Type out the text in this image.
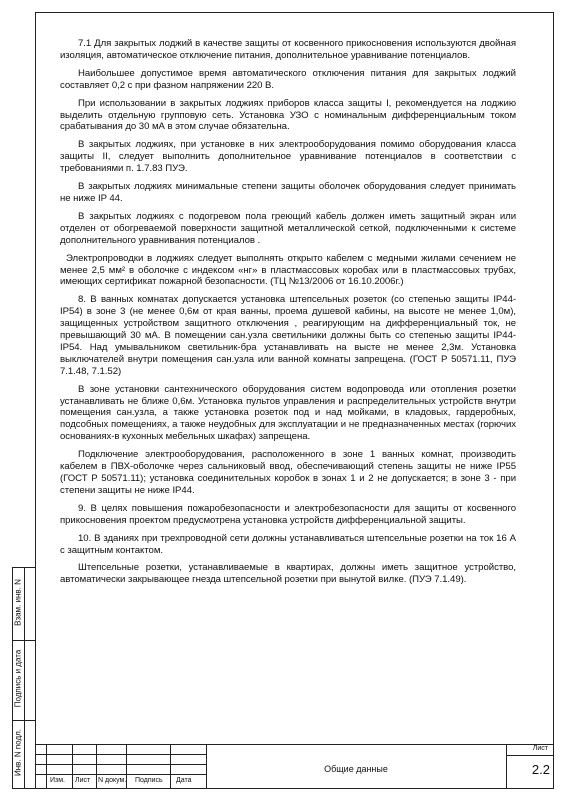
7.1 Для закрытых лоджий в качестве защиты от косвенного прикосновения используются двойная изоляция, автоматическое отключение питания, дополнительное уравнивание потенциалов.

Наибольшее допустимое время автоматического отключения питания для закрытых лоджий составляет 0,2 с при фазном напряжении 220 В.

При использовании в закрытых лоджиях приборов класса защиты I, рекомендуется на лоджию выделить отдельную групповую сеть. Установка УЗО с номинальным дифференциальным током срабатывания до 30 мА в этом случае обязательна.

В закрытых лоджиях, при установке в них электрооборудования помимо оборудования класса защиты II, следует выполнить дополнительное уравнивание потенциалов в соответствии с требованиями п. 1.7.83 ПУЭ.

В закрытых лоджиях минимальные степени защиты оболочек оборудования следует принимать не ниже IP 44.

В закрытых лоджиях с подогревом пола греющий кабель должен иметь защитный экран или отделен от обогреваемой поверхности защитной металлической сеткой, подключенными к системе дополнительного уравнивания потенциалов .

Электропроводки в лоджиях следует выполнять открыто кабелем с медными жилами сечением не менее 2,5 мм² в оболочке с индексом «нг» в пластмассовых коробах или в пластмассовых трубах, имеющих сертификат пожарной безопасности. (ТЦ №13/2006 от 16.10.2006г.)

8. В ванных комнатах допускается установка штепсельных розеток (со степенью защиты IP44-IP54) в зоне 3 (не менее 0,6м от края ванны, проема душевой кабины, на высоте не менее 1,0м), защищенных устройством защитного отключения , реагирующим на дифференциальный ток, не превышающий 30 мА. В помещении сан.узла светильники должны быть со степенью защиты IP44-IP54. Над умывальником светильник-бра устанавливать на высте не менее 2,3м. Установка выключателей внутри помещения сан.узла или ванной комнаты запрещена. (ГОСТ Р 50571.11, ПУЭ 7.1.48, 7.1.52)

В зоне установки сантехнического оборудования систем водопровода или отопления розетки устанавливать не ближе 0,6м. Установка пультов управления и распределительных устройств внутри помещения сан.узла, а также установка розеток под и над мойками, в кладовых, гардеробных, подсобных помещениях, а также неудобных для эксплуатации и не предназначенных местах (горючих основаниях-в кухонных мебельных шкафах) запрещена.

Подключение электрооборудования, расположенного в зоне 1 ванных комнат, производить кабелем в ПВХ-оболочке через сальниковый ввод, обеспечивающий степень защиты не ниже IP55 (ГОСТ Р 50571.11); установка соединительных коробок в зонах 1 и 2 не допускается; в зоне 3 - при степени защиты не ниже IP44.

9. В целях повышения пожаробезопасности и электробезопасности для защиты от косвенного прикосновения проектом предусмотрена установка устройств дифференциальной защиты.

10. В зданиях при трехпроводной сети должны устанавливаться штепсельные розетки на ток 16 А с защитным контактом.

Штепсельные розетки, устанавливаемые в квартирах, должны иметь защитное устройство, автоматически закрывающее гнезда штепсельной розетки при вынутой вилке. (ПУЭ 7.1.49).

Взам. инв. N
Подпись и дата
Инв. N подл.
Изм. Лист N докум. Подпись Дата
Общие данные
Лист
2.2
